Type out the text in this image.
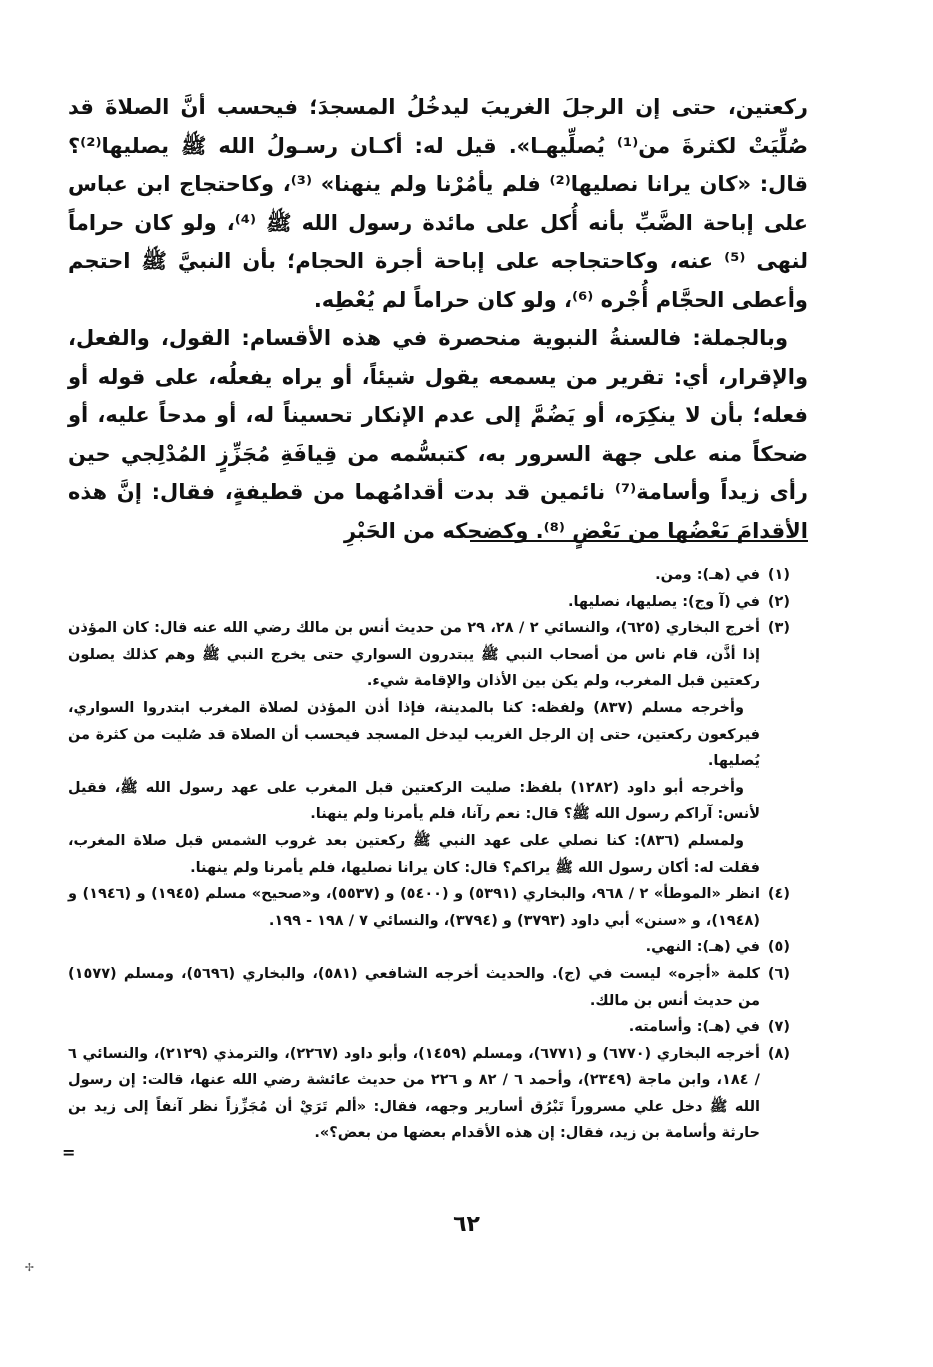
ركعتين، حتى إن الرجلَ الغريبَ ليدخُلُ المسجدَ؛ فيحسب أنَّ الصلاةَ قد صُلِّيَتْ لكثرةَ من⁽¹⁾ يُصلِّيهـا». قيل له: أكـان رسـولُ الله ﷺ يصليها⁽²⁾؟ قال: «كان يرانا نصليها⁽²⁾ فلم يأمُرْنا ولم ينهنا» ⁽³⁾، وكاحتجاج ابن عباس على إباحة الضَّبِّ بأنه أُكل على مائدة رسول الله ﷺ ⁽⁴⁾، ولو كان حراماً لنهى ⁽⁵⁾ عنه، وكاحتجاجه على إباحة أجرة الحجام؛ بأن النبيَّ ﷺ احتجم وأعطى الحجَّام أُجْره ⁽⁶⁾، ولو كان حراماً لم يُعْطِه.

وبالجملة: فالسنةُ النبوية منحصرة في هذه الأقسام: القول، والفعل، والإقرار، أي: تقرير من يسمعه يقول شيئاً، أو يراه يفعلُه، على قوله أو فعله؛ بأن لا ينكِرَه، أو يَضُمَّ إلى عدم الإنكار تحسيناً له، أو مدحاً عليه، أو ضحكاً منه على جهة السرور به، كتبسُّمه من قِيافَةِ مُجَزِّزٍ المُدْلِجي حين رأى زيداً وأسامة⁽⁷⁾ نائمين قد بدت أقدامُهما من قطيفةٍ، فقال: إنَّ هذه الأقدامَ بَعْضُها من بَعْضٍ ⁽⁸⁾. وكضحكه من الحَبْرِ

(١)
في (هـ): ومن.
(٢)
في (آ وج): يصليها، نصليها.
(٣)
أخرج البخاري (٦٢٥)، والنسائي ٢ / ٢٨، ٢٩ من حديث أنس بن مالك رضي الله عنه قال: كان المؤذن إذا أذَّن، قام ناس من أصحاب النبي ﷺ يبتدرون السواري حتى يخرج النبي ﷺ وهم كذلك يصلون ركعتين قبل المغرب، ولم يكن بين الأذان والإقامة شيء.
وأخرجه مسلم (٨٣٧) ولفظه: كنا بالمدينة، فإذا أذن المؤذن لصلاة المغرب ابتدروا السواري، فيركعون ركعتين، حتى إن الرجل الغريب ليدخل المسجد فيحسب أن الصلاة قد صُليت من كثرة من يُصليها.
وأخرجه أبو داود (١٢٨٢) بلفظ: صليت الركعتين قبل المغرب على عهد رسول الله ﷺ، فقيل لأنس: آراكم رسول الله ﷺ؟ قال: نعم رآنا، فلم يأمرنا ولم ينهنا.
ولمسلم (٨٣٦): كنا نصلي على عهد النبي ﷺ ركعتين بعد غروب الشمس قبل صلاة المغرب، فقلت له: أكان رسول الله ﷺ يراكم؟ قال: كان يرانا نصليها، فلم يأمرنا ولم ينهنا.
(٤)
انظر «الموطأ» ٢ / ٩٦٨، والبخاري (٥٣٩١) و (٥٤٠٠) و (٥٥٣٧)، و«صحيح» مسلم (١٩٤٥) و (١٩٤٦) و (١٩٤٨)، و «سنن» أبي داود (٣٧٩٣) و (٣٧٩٤)، والنسائي ٧ / ١٩٨ - ١٩٩.
(٥)
في (هـ): النهي.
(٦)
كلمة «أجره» ليست في (ج). والحديث أخرجه الشافعي (٥٨١)، والبخاري (٥٦٩٦)، ومسلم (١٥٧٧) من حديث أنس بن مالك.
(٧)
في (هـ): وأسامته.
(٨)
أخرجه البخاري (٦٧٧٠) و (٦٧٧١)، ومسلم (١٤٥٩)، وأبو داود (٢٢٦٧)، والترمذي (٢١٢٩)، والنسائي ٦ / ١٨٤، وابن ماجة (٢٣٤٩)، وأحمد ٦ / ٨٢ و ٢٢٦ من حديث عائشة رضي الله عنها، قالت: إن رسول الله ﷺ دخل علي مسروراً تَبْرُق أسارير وجهه، فقال: «ألم تَرَيْ أن مُجَزِّزاً نظر آنفاً إلى زيد بن حارثة وأسامة بن زيد، فقال: إن هذه الأقدام بعضها من بعض؟».
=
٦٢
✢
